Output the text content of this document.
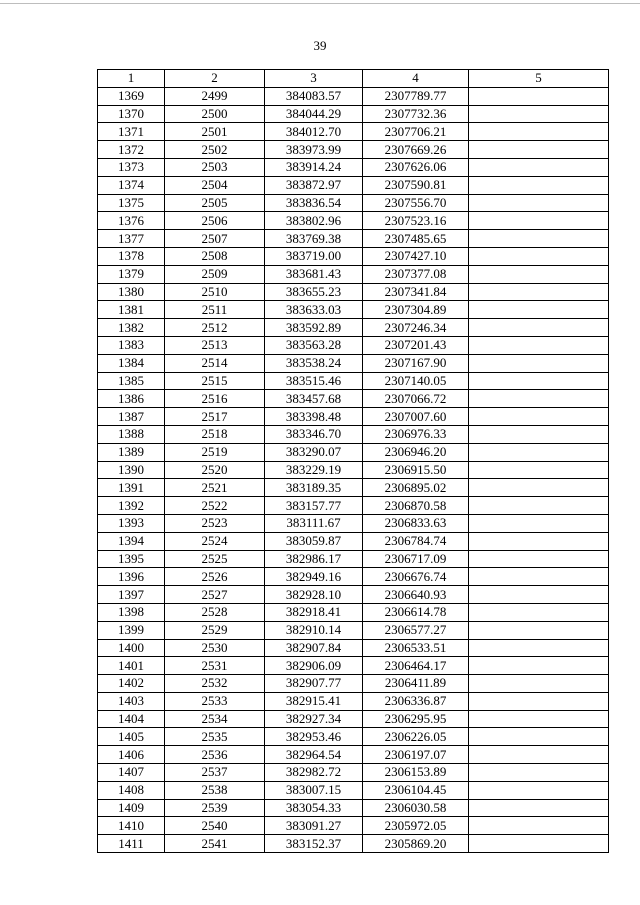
39
1	2	3	4	5
1369	2499	384083.57	2307789.77	
1370	2500	384044.29	2307732.36	
1371	2501	384012.70	2307706.21	
1372	2502	383973.99	2307669.26	
1373	2503	383914.24	2307626.06	
1374	2504	383872.97	2307590.81	
1375	2505	383836.54	2307556.70	
1376	2506	383802.96	2307523.16	
1377	2507	383769.38	2307485.65	
1378	2508	383719.00	2307427.10	
1379	2509	383681.43	2307377.08	
1380	2510	383655.23	2307341.84	
1381	2511	383633.03	2307304.89	
1382	2512	383592.89	2307246.34	
1383	2513	383563.28	2307201.43	
1384	2514	383538.24	2307167.90	
1385	2515	383515.46	2307140.05	
1386	2516	383457.68	2307066.72	
1387	2517	383398.48	2307007.60	
1388	2518	383346.70	2306976.33	
1389	2519	383290.07	2306946.20	
1390	2520	383229.19	2306915.50	
1391	2521	383189.35	2306895.02	
1392	2522	383157.77	2306870.58	
1393	2523	383111.67	2306833.63	
1394	2524	383059.87	2306784.74	
1395	2525	382986.17	2306717.09	
1396	2526	382949.16	2306676.74	
1397	2527	382928.10	2306640.93	
1398	2528	382918.41	2306614.78	
1399	2529	382910.14	2306577.27	
1400	2530	382907.84	2306533.51	
1401	2531	382906.09	2306464.17	
1402	2532	382907.77	2306411.89	
1403	2533	382915.41	2306336.87	
1404	2534	382927.34	2306295.95	
1405	2535	382953.46	2306226.05	
1406	2536	382964.54	2306197.07	
1407	2537	382982.72	2306153.89	
1408	2538	383007.15	2306104.45	
1409	2539	383054.33	2306030.58	
1410	2540	383091.27	2305972.05	
1411	2541	383152.37	2305869.20	
